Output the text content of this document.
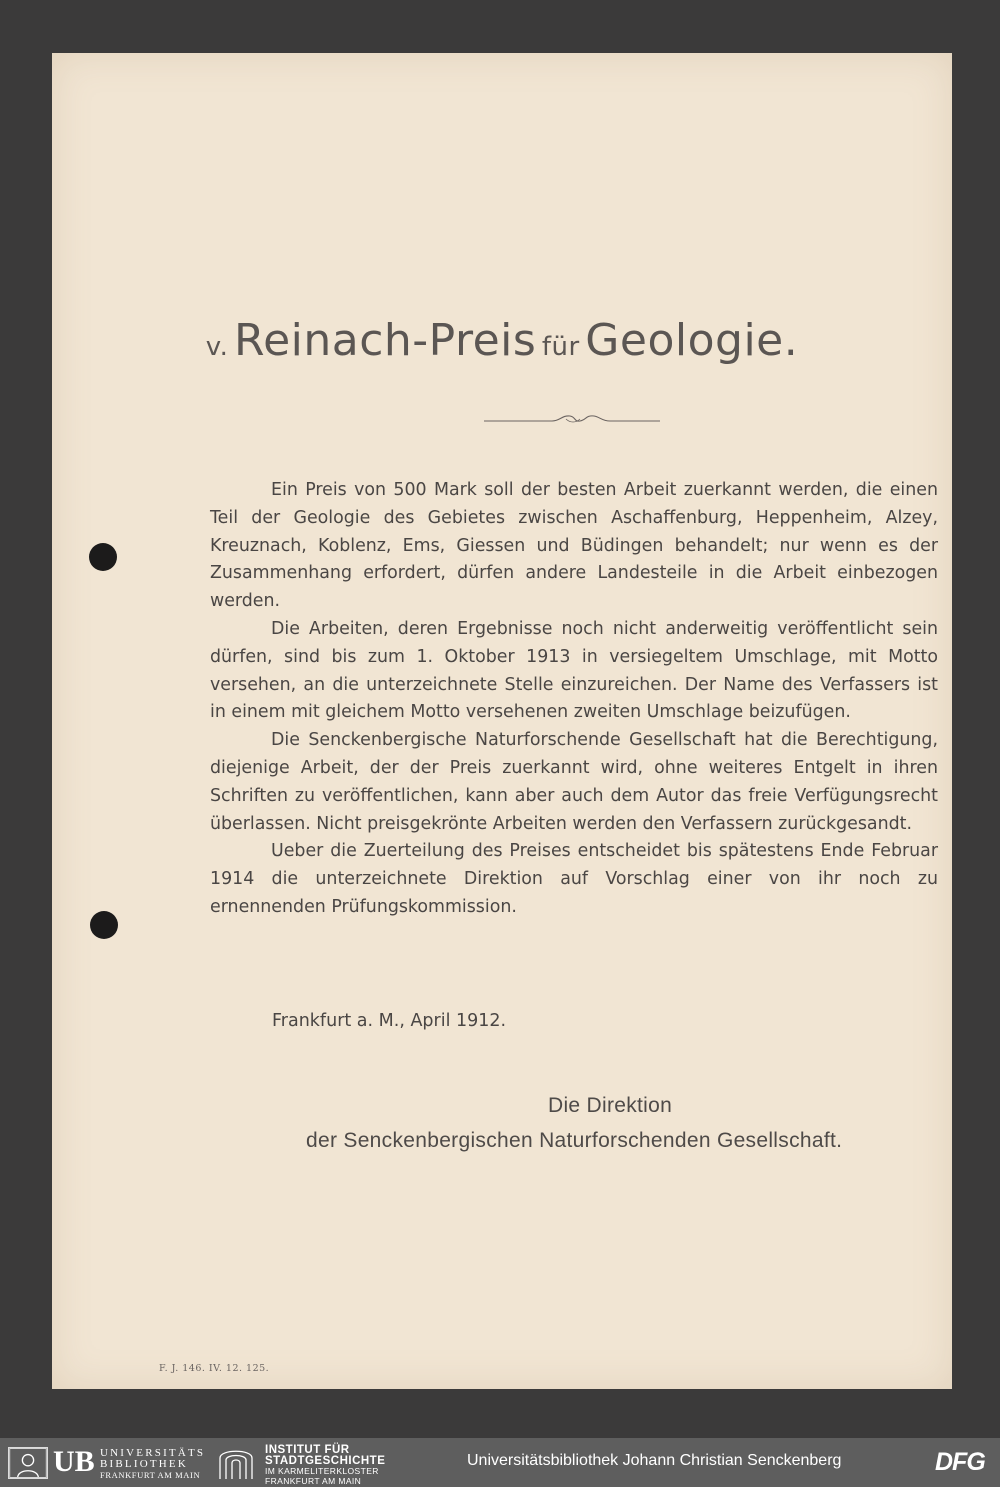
v. Reinach-Preis für Geologie.

Ein Preis von 500 Mark soll der besten Arbeit zuerkannt werden, die einen Teil der Geologie des Gebietes zwischen Aschaffenburg, Heppenheim, Alzey, Kreuznach, Koblenz, Ems, Giessen und Büdingen behandelt; nur wenn es der Zusammenhang erfordert, dürfen andere Landesteile in die Arbeit einbezogen werden.

Die Arbeiten, deren Ergebnisse noch nicht anderweitig veröffentlicht sein dürfen, sind bis zum 1. Oktober 1913 in versiegeltem Umschlage, mit Motto versehen, an die unterzeichnete Stelle einzureichen. Der Name des Verfassers ist in einem mit gleichem Motto versehenen zweiten Umschlage beizufügen.

Die Senckenbergische Naturforschende Gesellschaft hat die Berechtigung, diejenige Arbeit, der der Preis zuerkannt wird, ohne weiteres Entgelt in ihren Schriften zu veröffentlichen, kann aber auch dem Autor das freie Verfügungsrecht überlassen. Nicht preisgekrönte Arbeiten werden den Verfassern zurückgesandt.

Ueber die Zuerteilung des Preises entscheidet bis spätestens Ende Februar 1914 die unterzeichnete Direktion auf Vorschlag einer von ihr noch zu ernennenden Prüfungskommission.

Frankfurt a. M., April 1912.
Die Direktion
der Senckenbergischen Naturforschenden Gesellschaft.
F. J. 146. IV. 12. 125.
UB UNIVERSITÄTS
BIBLIOTHEK
FRANKFURT AM MAIN
INSTITUT FÜR
STADTGESCHICHTE
IM KARMELITERKLOSTER
FRANKFURT AM MAIN
Universitätsbibliothek Johann Christian Senckenberg	DFG
